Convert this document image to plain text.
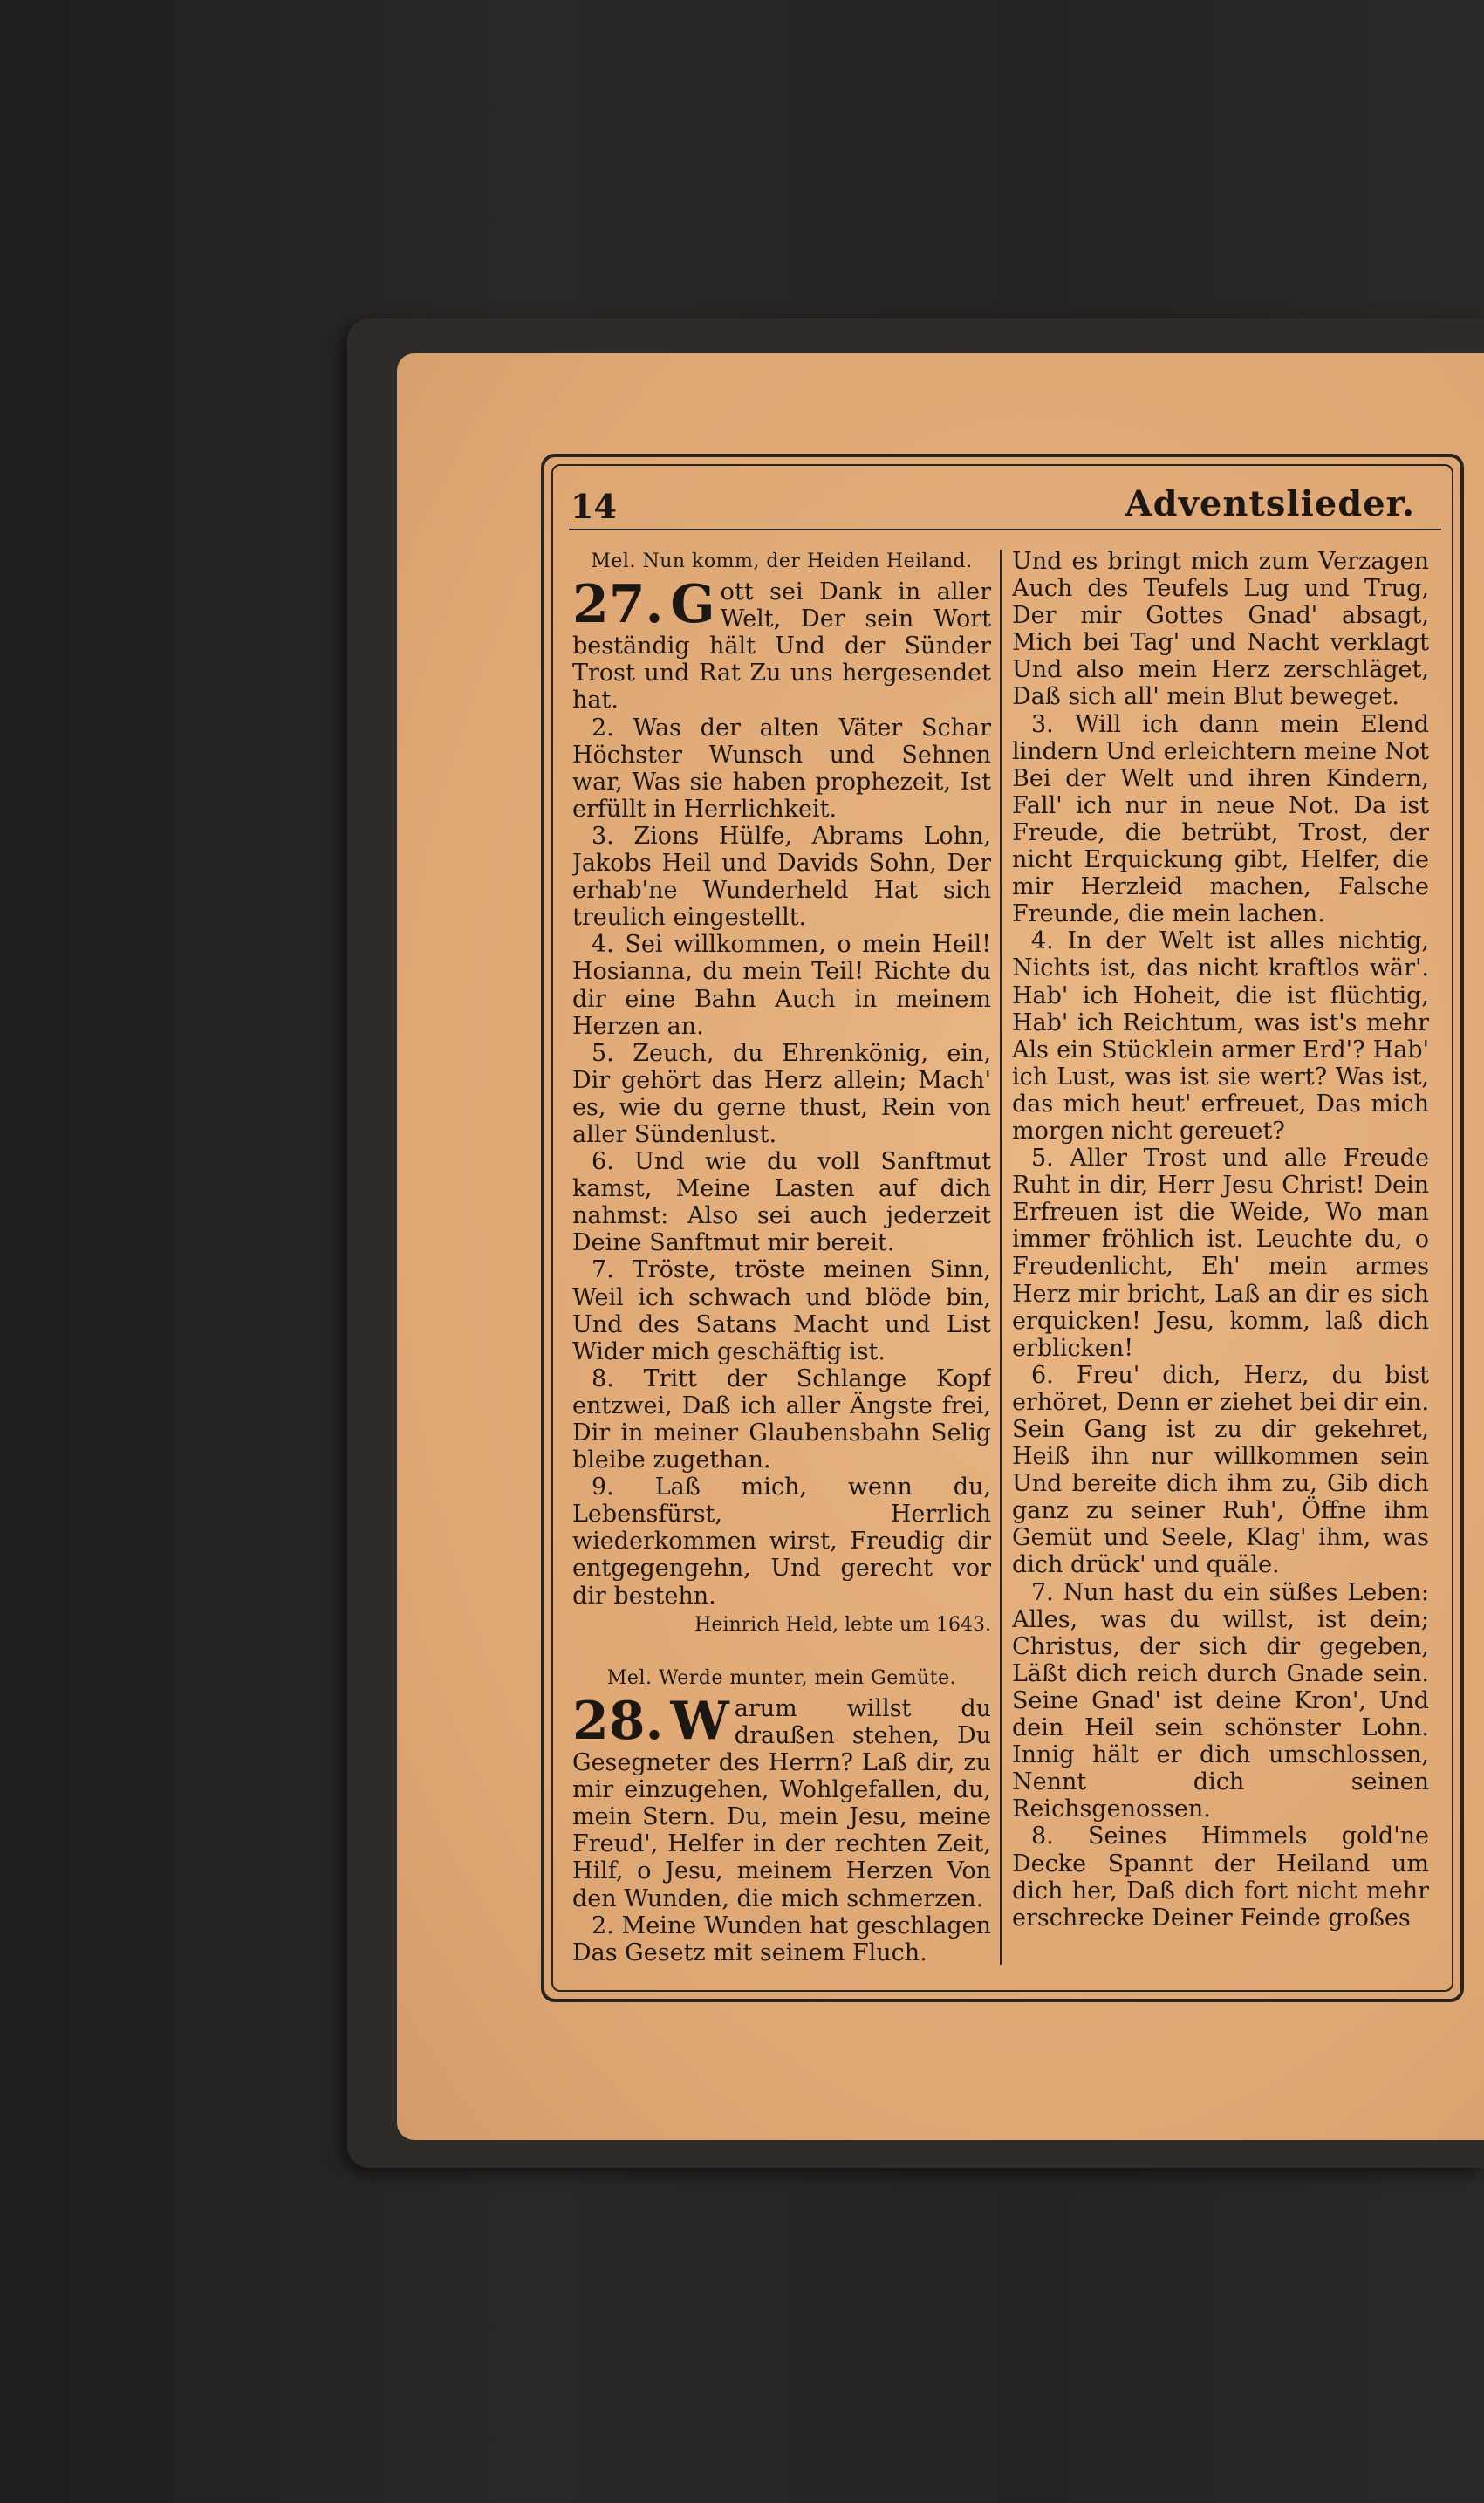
14	Adventslieder.
Mel. Nun komm, der Heiden Heiland.
27. G ott sei Dank in aller Welt, Der sein Wort beständig hält Und der Sünder Trost und Rat Zu uns hergesendet hat.

2. Was der alten Väter Schar Höchster Wunsch und Sehnen war, Was sie haben prophezeit, Ist erfüllt in Herrlichkeit.

3. Zions Hülfe, Abrams Lohn, Jakobs Heil und Davids Sohn, Der erhab'ne Wunderheld Hat sich treulich eingestellt.

4. Sei willkommen, o mein Heil! Hosianna, du mein Teil! Richte du dir eine Bahn Auch in meinem Herzen an.

5. Zeuch, du Ehrenkönig, ein, Dir gehört das Herz allein; Mach' es, wie du gerne thust, Rein von aller Sündenlust.

6. Und wie du voll Sanftmut kamst, Meine Lasten auf dich nahmst: Also sei auch jederzeit Deine Sanftmut mir bereit.

7. Tröste, tröste meinen Sinn, Weil ich schwach und blöde bin, Und des Satans Macht und List Wider mich geschäftig ist.

8. Tritt der Schlange Kopf entzwei, Daß ich aller Ängste frei, Dir in meiner Glaubensbahn Selig bleibe zugethan.

9. Laß mich, wenn du, Lebensfürst, Herrlich wiederkommen wirst, Freudig dir entgegengehn, Und gerecht vor dir bestehn.

Heinrich Held, lebte um 1643.
Mel. Werde munter, mein Gemüte.
28. W arum willst du draußen stehen, Du Gesegneter des Herrn? Laß dir, zu mir einzugehen, Wohlgefallen, du, mein Stern. Du, mein Jesu, meine Freud', Helfer in der rechten Zeit, Hilf, o Jesu, meinem Herzen Von den Wunden, die mich schmerzen.

2. Meine Wunden hat geschlagen Das Gesetz mit seinem Fluch.

Und es bringt mich zum Verzagen Auch des Teufels Lug und Trug, Der mir Gottes Gnad' absagt, Mich bei Tag' und Nacht verklagt Und also mein Herz zerschläget, Daß sich all' mein Blut beweget.

3. Will ich dann mein Elend lindern Und erleichtern meine Not Bei der Welt und ihren Kindern, Fall' ich nur in neue Not. Da ist Freude, die betrübt, Trost, der nicht Erquickung gibt, Helfer, die mir Herzleid machen, Falsche Freunde, die mein lachen.

4. In der Welt ist alles nichtig, Nichts ist, das nicht kraftlos wär'. Hab' ich Hoheit, die ist flüchtig, Hab' ich Reichtum, was ist's mehr Als ein Stücklein armer Erd'? Hab' ich Lust, was ist sie wert? Was ist, das mich heut' erfreuet, Das mich morgen nicht gereuet?

5. Aller Trost und alle Freude Ruht in dir, Herr Jesu Christ! Dein Erfreuen ist die Weide, Wo man immer fröhlich ist. Leuchte du, o Freudenlicht, Eh' mein armes Herz mir bricht, Laß an dir es sich erquicken! Jesu, komm, laß dich erblicken!

6. Freu' dich, Herz, du bist erhöret, Denn er ziehet bei dir ein. Sein Gang ist zu dir gekehret, Heiß ihn nur willkommen sein Und bereite dich ihm zu, Gib dich ganz zu seiner Ruh', Öffne ihm Gemüt und Seele, Klag' ihm, was dich drück' und quäle.

7. Nun hast du ein süßes Leben: Alles, was du willst, ist dein; Christus, der sich dir gegeben, Läßt dich reich durch Gnade sein. Seine Gnad' ist deine Kron', Und dein Heil sein schönster Lohn. Innig hält er dich umschlossen, Nennt dich seinen Reichsgenossen.

8. Seines Himmels gold'ne Decke Spannt der Heiland um dich her, Daß dich fort nicht mehr erschrecke Deiner Feinde großes
